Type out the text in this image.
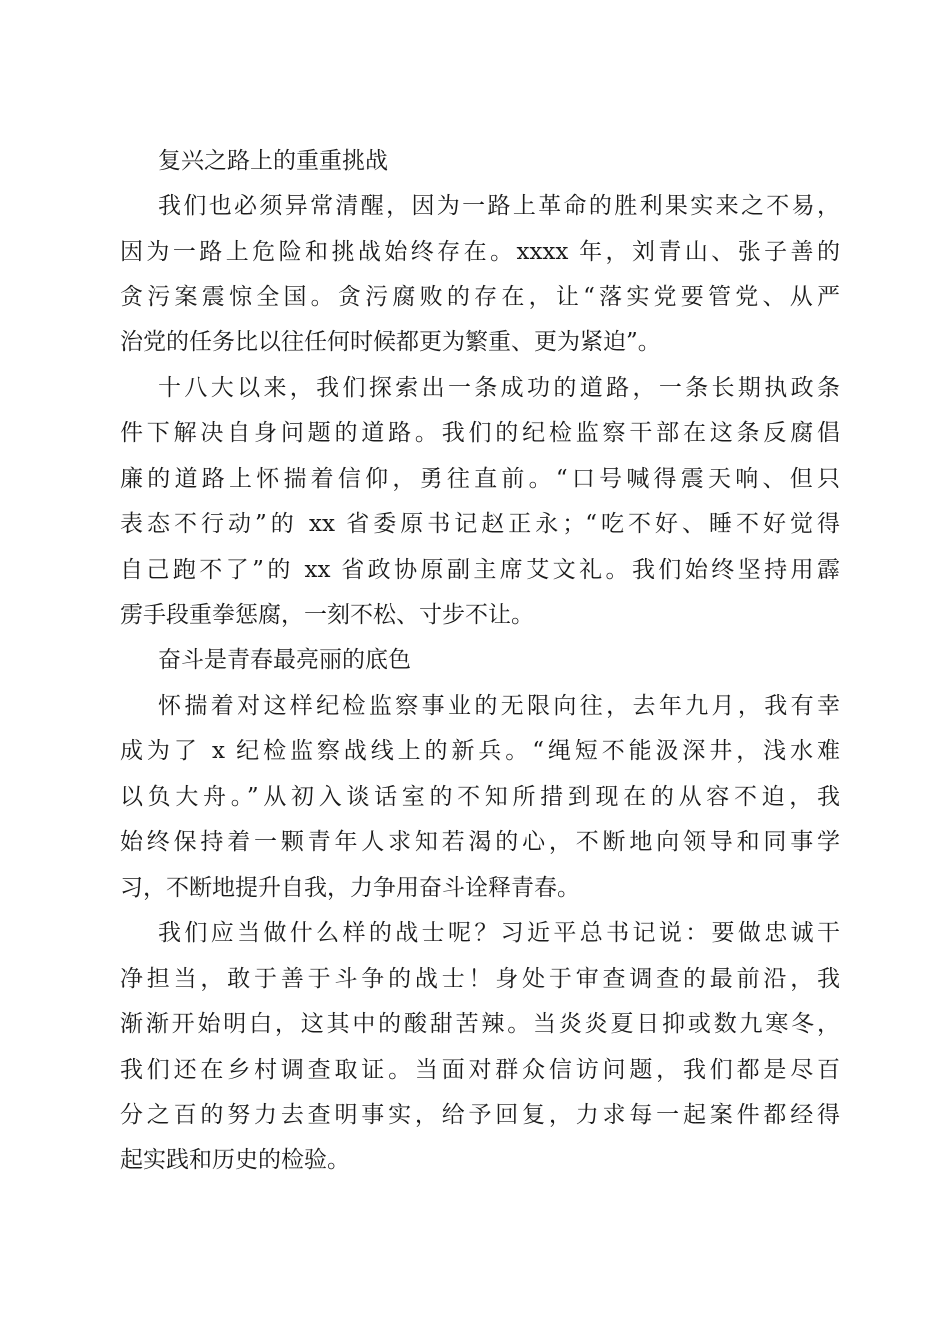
复兴之路上的重重挑战

我们也必须异常清醒，因为一路上革命的胜利果实来之不易，

因为一路上危险和挑战始终存在。xxxx 年，刘青山、张子善的

贪污案震惊全国。贪污腐败的存在，让“落实党要管党、从严

治党的任务比以往任何时候都更为繁重、更为紧迫”。

十八大以来，我们探索出一条成功的道路，一条长期执政条

件下解决自身问题的道路。我们的纪检监察干部在这条反腐倡

廉的道路上怀揣着信仰，勇往直前。“口号喊得震天响、但只

表态不行动”的 xx 省委原书记赵正永；“吃不好、睡不好觉得

自己跑不了”的 xx 省政协原副主席艾文礼。我们始终坚持用霹

雳手段重拳惩腐，一刻不松、寸步不让。

奋斗是青春最亮丽的底色

怀揣着对这样纪检监察事业的无限向往，去年九月，我有幸

成为了 x 纪检监察战线上的新兵。“绳短不能汲深井，浅水难

以负大舟。”从初入谈话室的不知所措到现在的从容不迫，我

始终保持着一颗青年人求知若渴的心，不断地向领导和同事学

习，不断地提升自我，力争用奋斗诠释青春。

我们应当做什么样的战士呢？习近平总书记说：要做忠诚干

净担当，敢于善于斗争的战士！身处于审查调查的最前沿，我

渐渐开始明白，这其中的酸甜苦辣。当炎炎夏日抑或数九寒冬，

我们还在乡村调查取证。当面对群众信访问题，我们都是尽百

分之百的努力去查明事实，给予回复，力求每一起案件都经得

起实践和历史的检验。
